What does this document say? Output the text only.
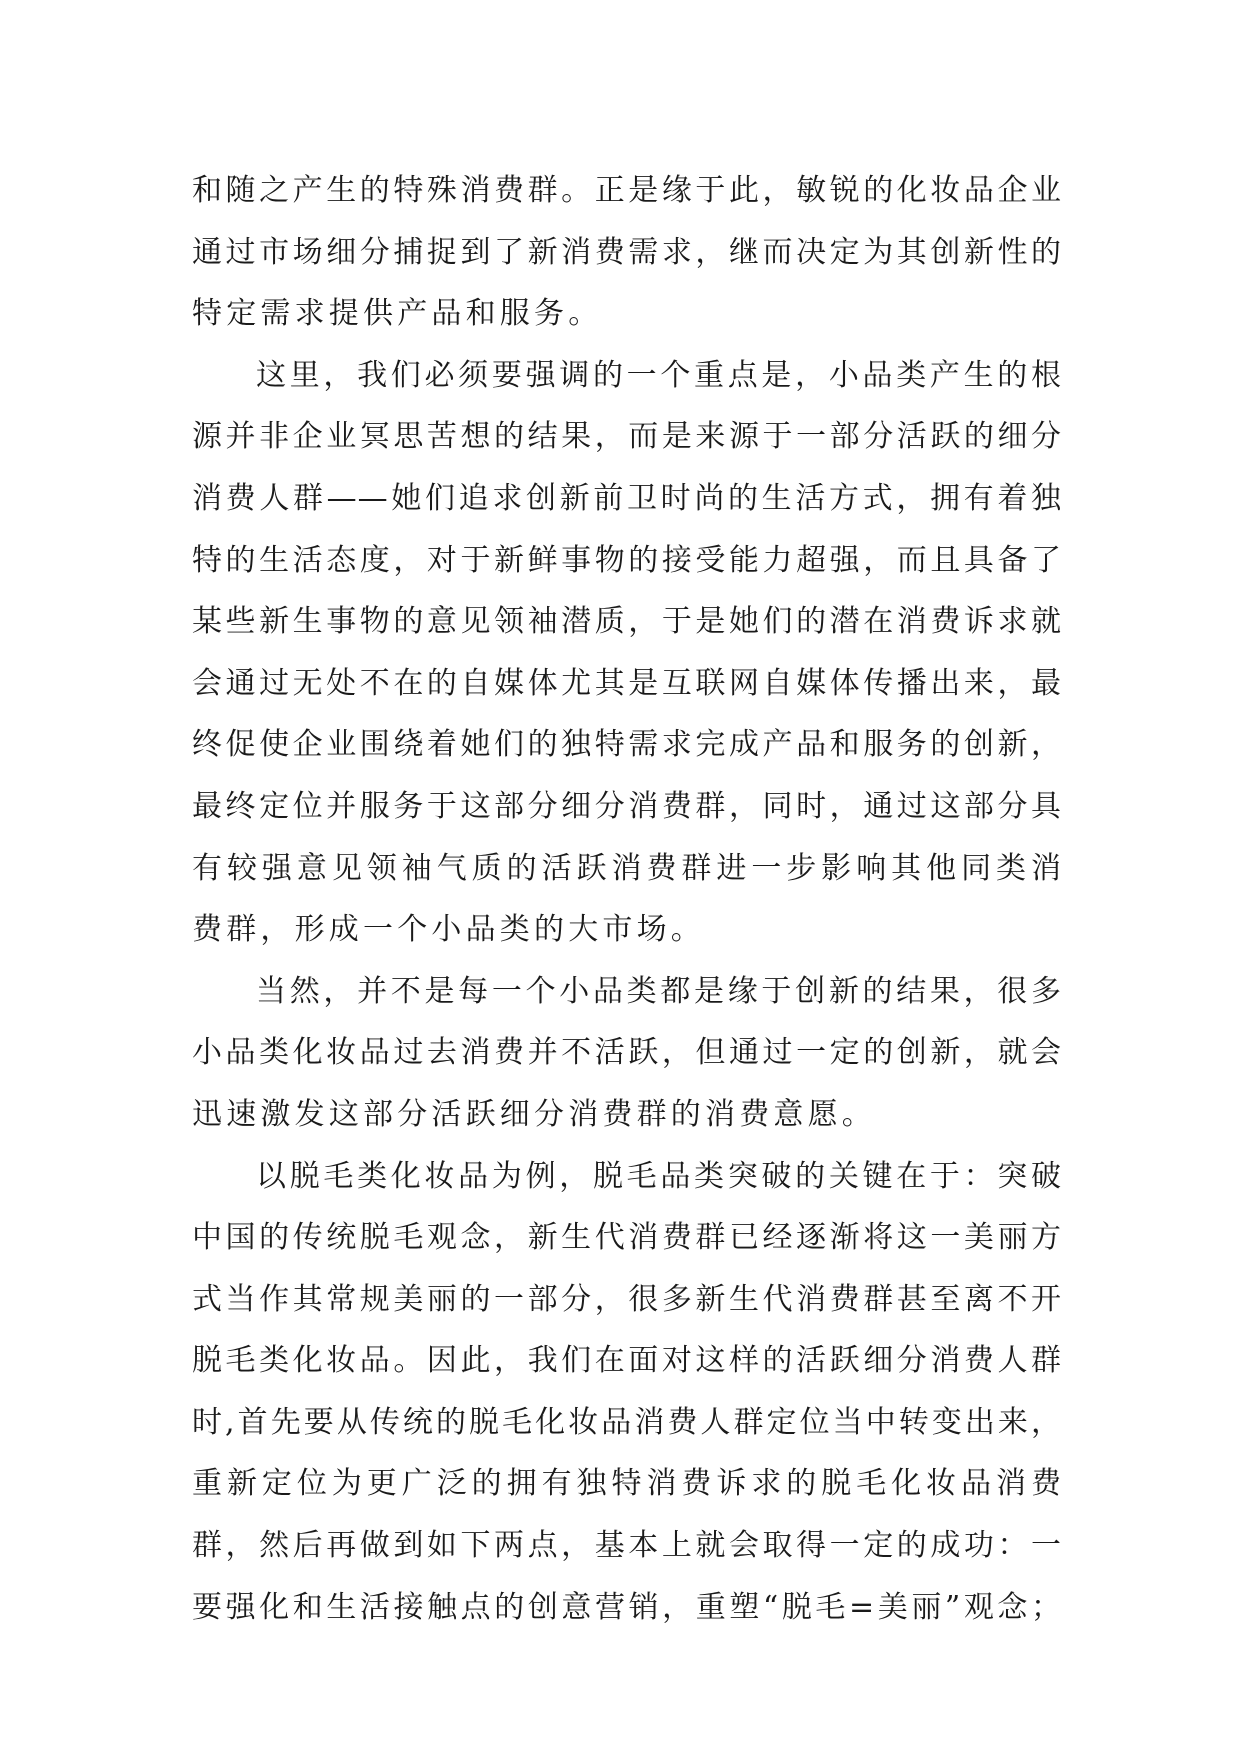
和随之产生的特殊消费群。正是缘于此，敏锐的化妆品企业
通过市场细分捕捉到了新消费需求，继而决定为其创新性的
特定需求提供产品和服务。
这里，我们必须要强调的一个重点是，小品类产生的根
源并非企业冥思苦想的结果，而是来源于一部分活跃的细分
消费人群——她们追求创新前卫时尚的生活方式，拥有着独
特的生活态度，对于新鲜事物的接受能力超强，而且具备了
某些新生事物的意见领袖潜质，于是她们的潜在消费诉求就
会通过无处不在的自媒体尤其是互联网自媒体传播出来，最
终促使企业围绕着她们的独特需求完成产品和服务的创新，
最终定位并服务于这部分细分消费群，同时，通过这部分具
有较强意见领袖气质的活跃消费群进一步影响其他同类消
费群，形成一个小品类的大市场。
当然，并不是每一个小品类都是缘于创新的结果，很多
小品类化妆品过去消费并不活跃，但通过一定的创新，就会
迅速激发这部分活跃细分消费群的消费意愿。
以脱毛类化妆品为例，脱毛品类突破的关键在于：突破
中国的传统脱毛观念，新生代消费群已经逐渐将这一美丽方
式当作其常规美丽的一部分，很多新生代消费群甚至离不开
脱毛类化妆品。因此，我们在面对这样的活跃细分消费人群
时,首先要从传统的脱毛化妆品消费人群定位当中转变出来，
重新定位为更广泛的拥有独特消费诉求的脱毛化妆品消费
群，然后再做到如下两点，基本上就会取得一定的成功：一
要强化和生活接触点的创意营销，重塑“脱毛=美丽”观念；
